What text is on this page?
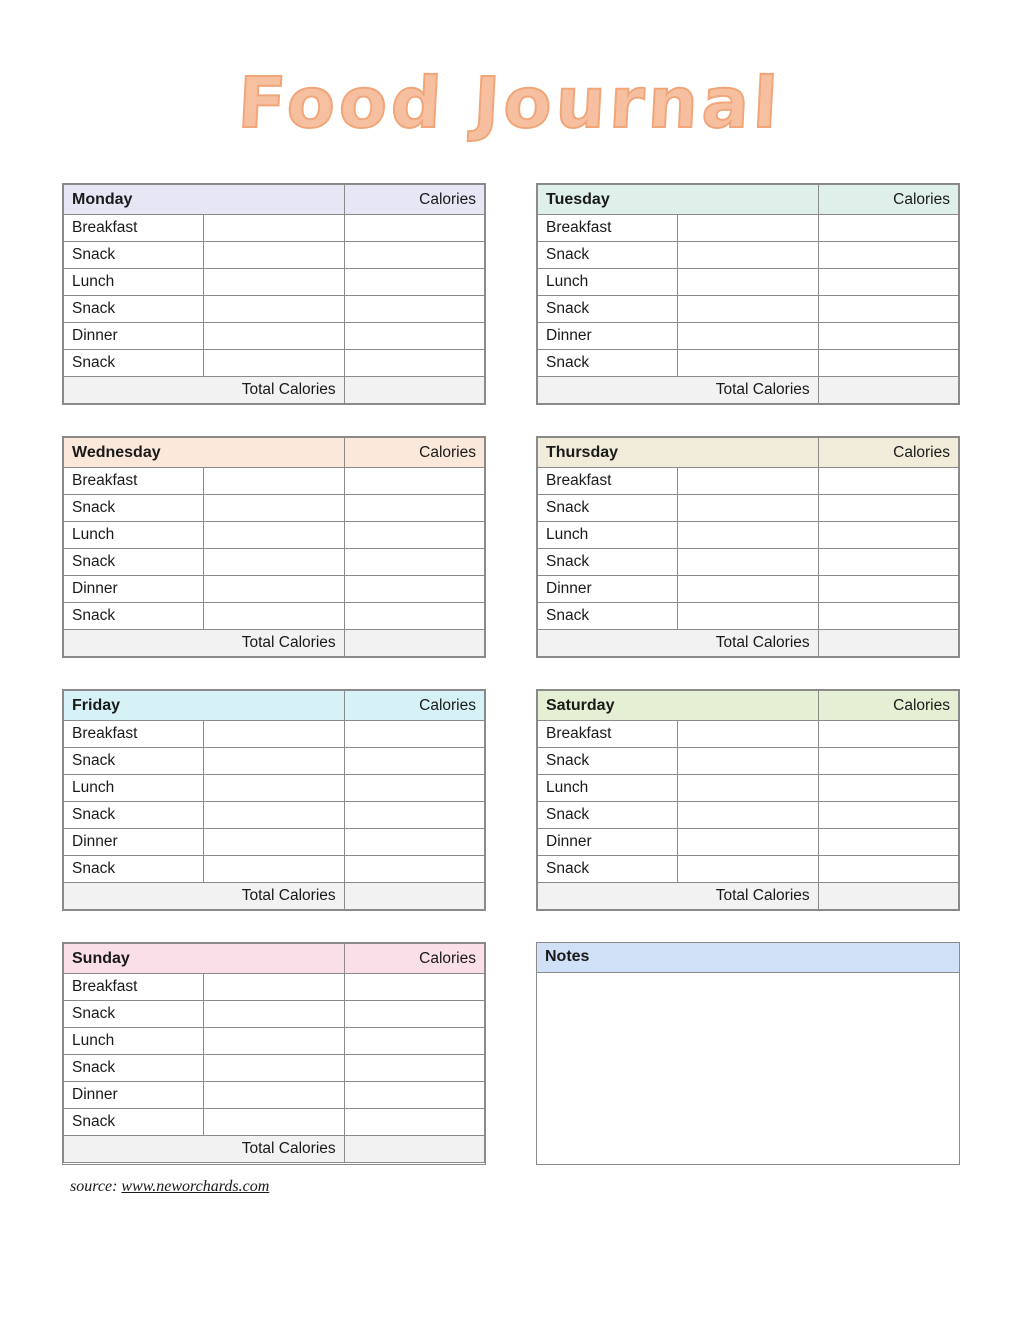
Food Journal
Monday		Calories
Breakfast		
Snack		
Lunch		
Snack		
Dinner		
Snack		
Total Calories		
Tuesday		Calories
Breakfast		
Snack		
Lunch		
Snack		
Dinner		
Snack		
Total Calories		
Wednesday		Calories
Breakfast		
Snack		
Lunch		
Snack		
Dinner		
Snack		
Total Calories		
Thursday		Calories
Breakfast		
Snack		
Lunch		
Snack		
Dinner		
Snack		
Total Calories		
Friday		Calories
Breakfast		
Snack		
Lunch		
Snack		
Dinner		
Snack		
Total Calories		
Saturday		Calories
Breakfast		
Snack		
Lunch		
Snack		
Dinner		
Snack		
Total Calories		
Sunday		Calories
Breakfast		
Snack		
Lunch		
Snack		
Dinner		
Snack		
Total Calories		
Notes
source: www.neworchards.com
